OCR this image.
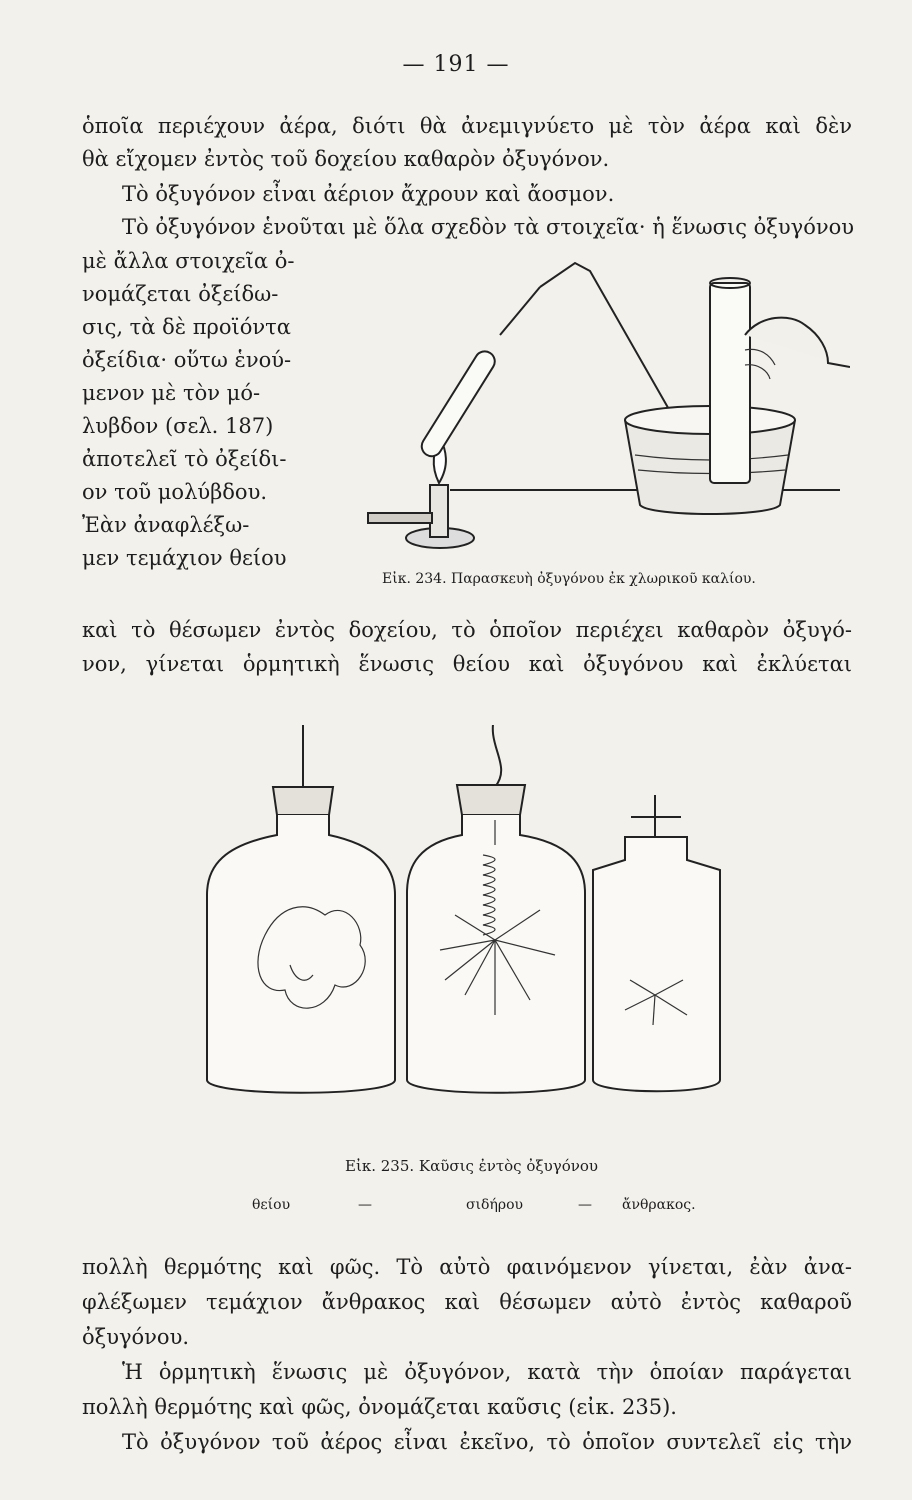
— 191 —
ὁποῖα περιέχουν ἀέρα, διότι θὰ ἀνεμιγνύετο μὲ τὸν ἀέρα καὶ δὲν
θὰ εἴχομεν ἐντὸς τοῦ δοχείου καθαρὸν ὀξυγόνον.
Τὸ ὀξυγόνον εἶναι ἀέριον ἄχρουν καὶ ἄοσμον.
Τὸ ὀξυγόνον ἑνοῦται μὲ ὅλα σχεδὸν τὰ στοιχεῖα· ἡ ἕνωσις ὀξυγόνου
μὲ ἄλλα στοιχεῖα ὀ-
νομάζεται ὀξείδω-
σις, τὰ δὲ προϊόντα
ὀξείδια· οὕτω ἑνού-
μενον μὲ τὸν μό-
λυβδον (σελ. 187)
ἀποτελεῖ τὸ ὀξείδι-
ον τοῦ μολύβδου.
Ἐὰν ἀναφλέξω-
μεν τεμάχιον θείου
Εἰκ. 234. Παρασκευὴ ὀξυγόνου ἐκ χλωρικοῦ καλίου.
καὶ τὸ θέσωμεν ἐντὸς δοχείου, τὸ ὁποῖον περιέχει καθαρὸν ὀξυγό-
νον, γίνεται ὁρμητικὴ ἕνωσις θείου καὶ ὀξυγόνου καὶ ἐκλύεται
Εἰκ. 235. Καῦσις ἐντὸς ὀξυγόνου
θείου	—	σιδήρου	— ἄνθρακος.
πολλὴ θερμότης καὶ φῶς. Τὸ αὐτὸ φαινόμενον γίνεται, ἐὰν ἀνα-
φλέξωμεν τεμάχιον ἄνθρακος καὶ θέσωμεν αὐτὸ ἐντὸς καθαροῦ
ὀξυγόνου.
Ἡ ὁρμητικὴ ἕνωσις μὲ ὀξυγόνον, κατὰ τὴν ὁποίαν παράγεται
πολλὴ θερμότης καὶ φῶς, ὀνομάζεται καῦσις (εἰκ. 235).
Τὸ ὀξυγόνον τοῦ ἀέρος εἶναι ἐκεῖνο, τὸ ὁποῖον συντελεῖ εἰς τὴν
